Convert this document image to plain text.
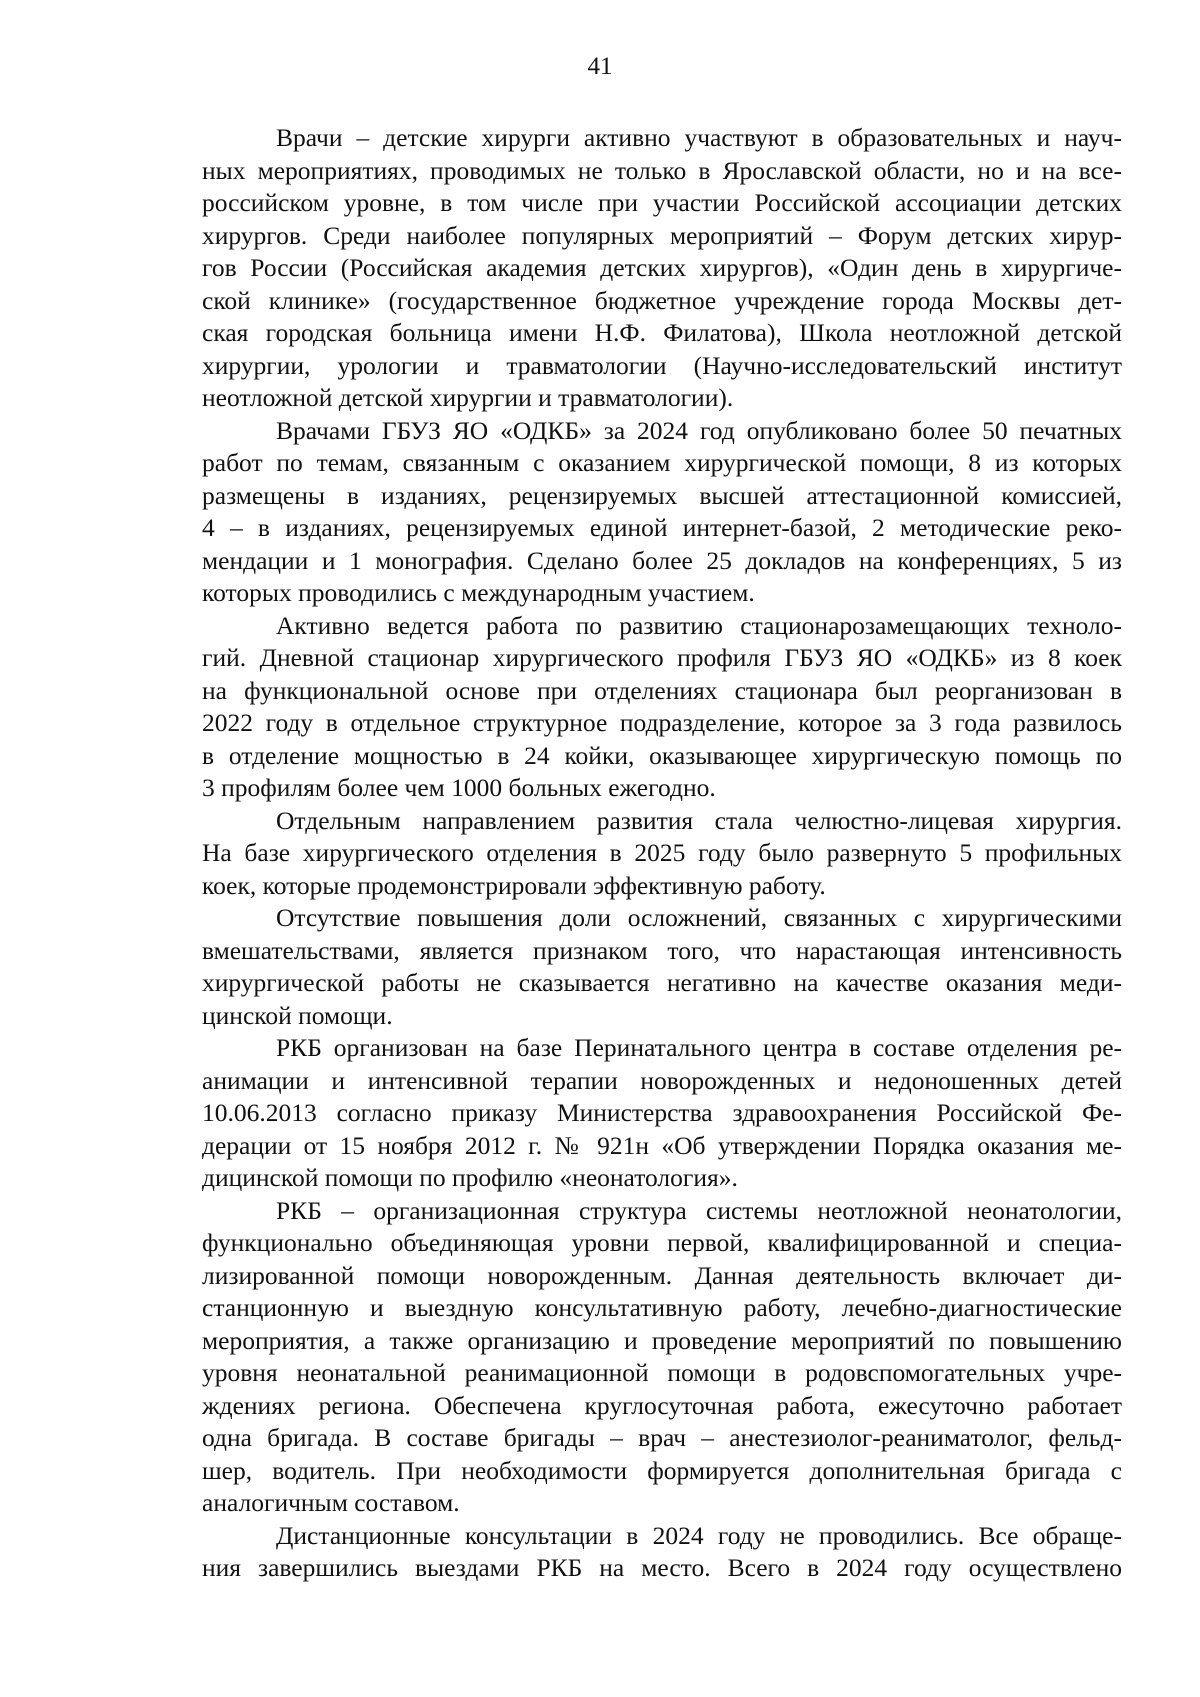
41
Врачи – детские хирурги активно участвуют в образовательных и науч-
ных мероприятиях, проводимых не только в Ярославской области, но и на все-
российском уровне, в том числе при участии Российской ассоциации детских
хирургов. Среди наиболее популярных мероприятий – Форум детских хирур-
гов России (Российская академия детских хирургов), «Один день в хирургиче-
ской клинике» (государственное бюджетное учреждение города Москвы дет-
ская городская больница имени Н.Ф. Филатова), Школа неотложной детской
хирургии, урологии и травматологии (Научно-исследовательский институт
неотложной детской хирургии и травматологии).
Врачами ГБУЗ ЯО «ОДКБ» за 2024 год опубликовано более 50 печатных
работ по темам, связанным с оказанием хирургической помощи, 8 из которых
размещены в изданиях, рецензируемых высшей аттестационной комиссией,
4 – в изданиях, рецензируемых единой интернет-базой, 2 методические реко-
мендации и 1 монография. Сделано более 25 докладов на конференциях, 5 из
которых проводились с международным участием.
Активно ведется работа по развитию стационарозамещающих техноло-
гий. Дневной стационар хирургического профиля ГБУЗ ЯО «ОДКБ» из 8 коек
на функциональной основе при отделениях стационара был реорганизован в
2022 году в отдельное структурное подразделение, которое за 3 года развилось
в отделение мощностью в 24 койки, оказывающее хирургическую помощь по
3 профилям более чем 1000 больных ежегодно.
Отдельным направлением развития стала челюстно-лицевая хирургия.
На базе хирургического отделения в 2025 году было развернуто 5 профильных
коек, которые продемонстрировали эффективную работу.
Отсутствие повышения доли осложнений, связанных с хирургическими
вмешательствами, является признаком того, что нарастающая интенсивность
хирургической работы не сказывается негативно на качестве оказания меди-
цинской помощи.
РКБ организован на базе Перинатального центра в составе отделения ре-
анимации и интенсивной терапии новорожденных и недоношенных детей
10.06.2013 согласно приказу Министерства здравоохранения Российской Фе-
дерации от 15 ноября 2012 г. № 921н «Об утверждении Порядка оказания ме-
дицинской помощи по профилю «неонатология».
РКБ – организационная структура системы неотложной неонатологии,
функционально объединяющая уровни первой, квалифицированной и специа-
лизированной помощи новорожденным. Данная деятельность включает ди-
станционную и выездную консультативную работу, лечебно-диагностические
мероприятия, а также организацию и проведение мероприятий по повышению
уровня неонатальной реанимационной помощи в родовспомогательных учре-
ждениях региона. Обеспечена круглосуточная работа, ежесуточно работает
одна бригада. В составе бригады – врач – анестезиолог-реаниматолог, фельд-
шер, водитель. При необходимости формируется дополнительная бригада с
аналогичным составом.
Дистанционные консультации в 2024 году не проводились. Все обраще-
ния завершились выездами РКБ на место. Всего в 2024 году осуществлено
